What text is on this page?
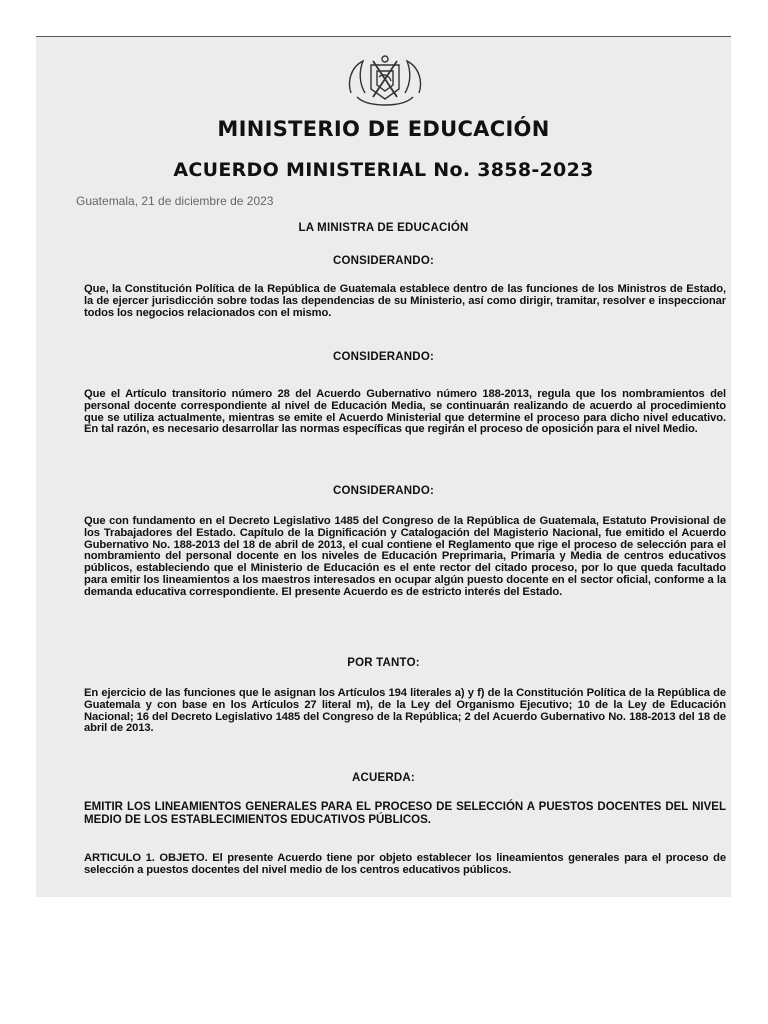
MINISTERIO DE EDUCACIÓN
ACUERDO MINISTERIAL No. 3858-2023
Guatemala, 21 de diciembre de 2023
LA MINISTRA DE EDUCACIÓN
CONSIDERANDO:
Que, la Constitución Política de la República de Guatemala establece dentro de las funciones de los Ministros de Estado, la de ejercer jurisdicción sobre todas las dependencias de su Ministerio, así como dirigir, tramitar, resolver e inspeccionar todos los negocios relacionados con el mismo.
CONSIDERANDO:
Que el Artículo transitorio número 28 del Acuerdo Gubernativo número 188-2013, regula que los nombramientos del personal docente correspondiente al nivel de Educación Media, se continuarán realizando de acuerdo al procedimiento que se utiliza actualmente, mientras se emite el Acuerdo Ministerial que determine el proceso para dicho nivel educativo. En tal razón, es necesario desarrollar las normas específicas que regirán el proceso de oposición para el nivel Medio.
CONSIDERANDO:
Que con fundamento en el Decreto Legislativo 1485 del Congreso de la República de Guatemala, Estatuto Provisional de los Trabajadores del Estado. Capítulo de la Dignificación y Catalogación del Magisterio Nacional, fue emitido el Acuerdo Gubernativo No. 188-2013 del 18 de abril de 2013, el cual contiene el Reglamento que rige el proceso de selección para el nombramiento del personal docente en los niveles de Educación Preprimaria, Primaria y Media de centros educativos públicos, estableciendo que el Ministerio de Educación es el ente rector del citado proceso, por lo que queda facultado para emitir los lineamientos a los maestros interesados en ocupar algún puesto docente en el sector oficial, conforme a la demanda educativa correspondiente. El presente Acuerdo es de estricto interés del Estado.
POR TANTO:
En ejercicio de las funciones que le asignan los Artículos 194 literales a) y f) de la Constitución Política de la República de Guatemala y con base en los Artículos 27 literal m), de la Ley del Organismo Ejecutivo; 10 de la Ley de Educación Nacional; 16 del Decreto Legislativo 1485 del Congreso de la República; 2 del Acuerdo Gubernativo No. 188-2013 del 18 de abril de 2013.
ACUERDA:
EMITIR LOS LINEAMIENTOS GENERALES PARA EL PROCESO DE SELECCIÓN A PUESTOS DOCENTES DEL NIVEL MEDIO DE LOS ESTABLECIMIENTOS EDUCATIVOS PÚBLICOS.
ARTICULO 1. OBJETO. El presente Acuerdo tiene por objeto establecer los lineamientos generales para el proceso de selección a puestos docentes del nivel medio de los centros educativos públicos.
